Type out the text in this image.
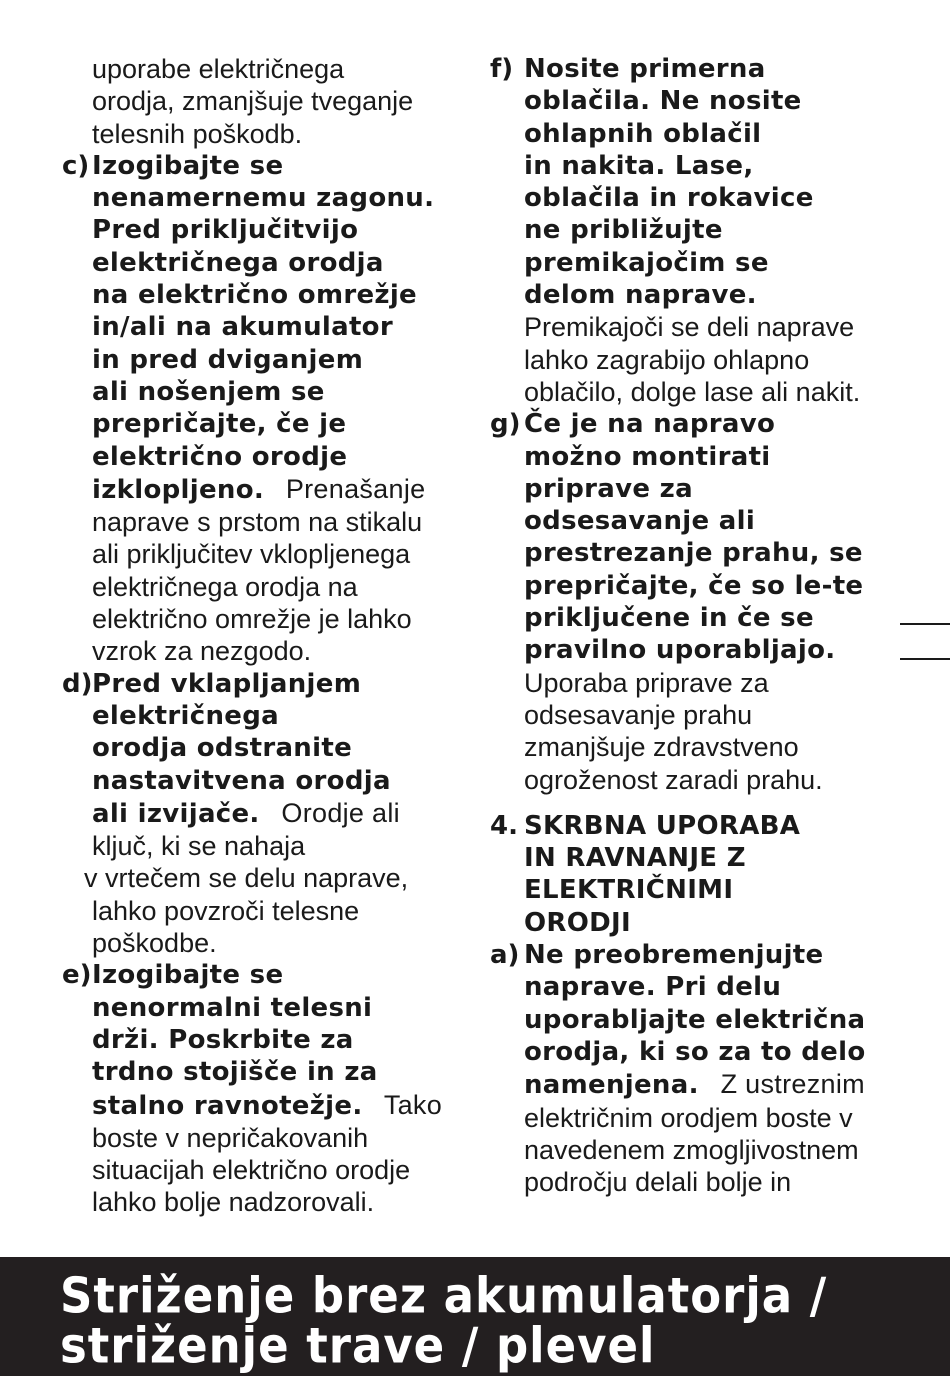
uporabe električnega
orodja, zmanjšuje tveganje
telesnih poškodb.
c) Izogibajte se
nenamernemu zagonu.
Pred priključitvijo
električnega orodja
na električno omrežje
in/ali na akumulator
in pred dviganjem
ali nošenjem se
prepričajte, če je
električno orodje
izklopljeno. Prenašanje
naprave s prstom na stikalu
ali priključitev vklopljenega
električnega orodja na
električno omrežje je lahko
vzrok za nezgodo.
d) Pred vklapljanjem
električnega
orodja odstranite
nastavitvena orodja
ali izvijače. Orodje ali
ključ, ki se nahaja
v vrtečem se delu naprave,
lahko povzroči telesne
poškodbe.
e) Izogibajte se
nenormalni telesni
drži. Poskrbite za
trdno stojišče in za
stalno ravnotežje. Tako
boste v nepričakovanih
situacijah električno orodje
lahko bolje nadzorovali.
f) Nosite primerna
oblačila. Ne nosite
ohlapnih oblačil
in nakita. Lase,
oblačila in rokavice
ne približujte
premikajočim se
delom naprave.
Premikajoči se deli naprave
lahko zagrabijo ohlapno
oblačilo, dolge lase ali nakit.
g) Če je na napravo
možno montirati
priprave za
odsesavanje ali
prestrezanje prahu, se
prepričajte, če so le-te
priključene in če se
pravilno uporabljajo.
Uporaba priprave za
odsesavanje prahu
zmanjšuje zdravstveno
ogroženost zaradi prahu.
4. SKRBNA UPORABA
IN RAVNANJE Z
ELEKTRIČNIMI
ORODJI
a) Ne preobremenjujte
naprave. Pri delu
uporabljajte električna
orodja, ki so za to delo
namenjena. Z ustreznim
električnim orodjem boste v
navedenem zmogljivostnem
področju delali bolje in
Striženje brez akumulatorja /
striženje trave / plevel
